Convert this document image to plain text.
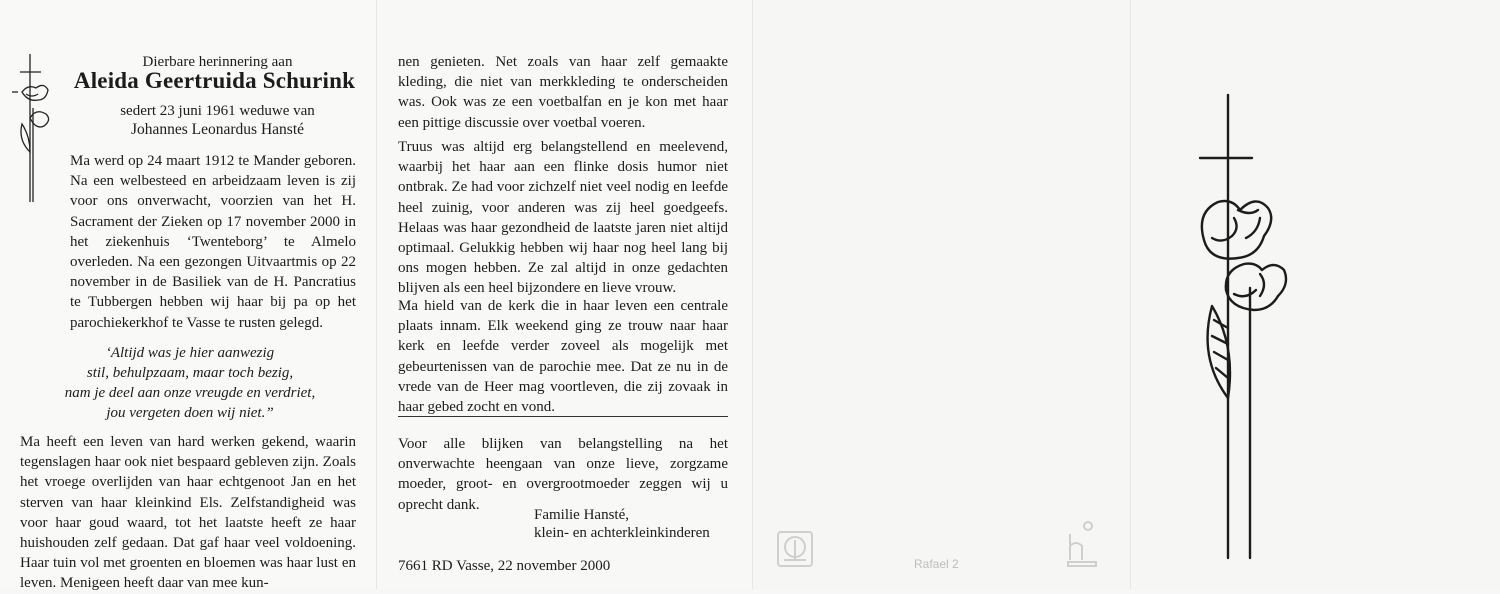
Dierbare herinnering aan
Aleida Geertruida Schurink
sedert 23 juni 1961 weduwe van
Johannes Leonardus Hansté
Ma werd op 24 maart 1912 te Mander geboren. Na een welbesteed en arbeidzaam leven is zij voor ons onverwacht, voorzien van het H. Sacrament der Zieken op 17 november 2000 in het ziekenhuis ‘Twenteborg’ te Almelo overleden. Na een gezongen Uitvaartmis op 22 november in de Basiliek van de H. Pancratius te Tubbergen hebben wij haar bij pa op het parochiekerkhof te Vasse te rusten gelegd.
‘Altijd was je hier aanwezig
stil, behulpzaam, maar toch bezig,
nam je deel aan onze vreugde en verdriet,
jou vergeten doen wij niet.”
Ma heeft een leven van hard werken gekend, waarin tegenslagen haar ook niet bespaard gebleven zijn. Zoals het vroege overlijden van haar echtgenoot Jan en het sterven van haar kleinkind Els. Zelfstandigheid was voor haar goud waard, tot het laatste heeft ze haar huishouden zelf gedaan. Dat gaf haar veel voldoening. Haar tuin vol met groenten en bloemen was haar lust en leven. Menigeen heeft daar van mee kun-
nen genieten. Net zoals van haar zelf gemaakte kleding, die niet van merkkleding te onderscheiden was. Ook was ze een voetbalfan en je kon met haar een pittige discussie over voetbal voeren.
Truus was altijd erg belangstellend en meelevend, waarbij het haar aan een flinke dosis humor niet ontbrak. Ze had voor zichzelf niet veel nodig en leefde heel zuinig, voor anderen was zij heel goedgeefs. Helaas was haar gezondheid de laatste jaren niet altijd optimaal. Gelukkig hebben wij haar nog heel lang bij ons mogen hebben. Ze zal altijd in onze gedachten blijven als een heel bijzondere en lieve vrouw.
Ma hield van de kerk die in haar leven een centrale plaats innam. Elk weekend ging ze trouw naar haar kerk en leefde verder zoveel als mogelijk met gebeurtenissen van de parochie mee. Dat ze nu in de vrede van de Heer mag voortleven, die zij zovaak in haar gebed zocht en vond.
Voor alle blijken van belangstelling na het onverwachte heengaan van onze lieve, zorgzame moeder, groot- en overgrootmoeder zeggen wij u oprecht dank.
Familie Hansté,
klein- en achterkleinkinderen
7661 RD Vasse, 22 november 2000	Rafael 2
